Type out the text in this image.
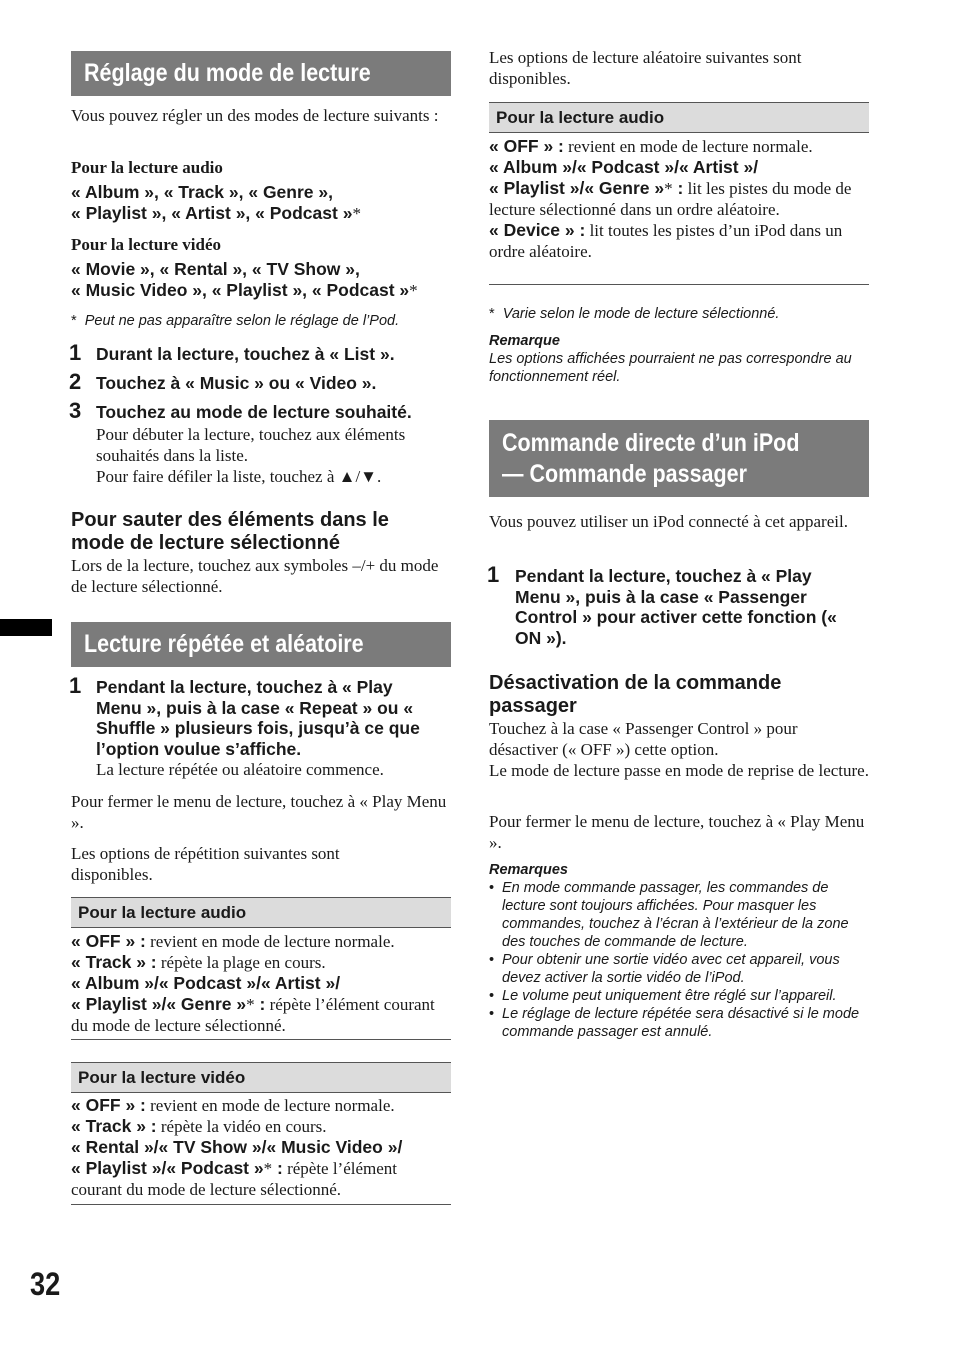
Réglage du mode de lecture
Vous pouvez régler un des modes de lecture suivants :
Pour la lecture audio
« Album », « Track », « Genre »,
« Playlist », « Artist », « Podcast »*
Pour la lecture vidéo
« Movie », « Rental », « TV Show »,
« Music Video », « Playlist », « Podcast »*
* Peut ne pas apparaître selon le réglage de l’Pod.
1 Durant la lecture, touchez à « List ».
2 Touchez à « Music » ou « Video ».
3 Touchez au mode de lecture souhaité.
Pour débuter la lecture, touchez aux éléments souhaités dans la liste.
Pour faire défiler la liste, touchez à ▲/▼.
Pour sauter des éléments dans le mode de lecture sélectionné
Lors de la lecture, touchez aux symboles –/+ du mode de lecture sélectionné.
Lecture répétée et aléatoire
1 Pendant la lecture, touchez à « Play Menu », puis à la case « Repeat » ou « Shuffle » plusieurs fois, jusqu’à ce que l’option voulue s’affiche.
La lecture répétée ou aléatoire commence.
Pour fermer le menu de lecture, touchez à « Play Menu ».
Les options de répétition suivantes sont disponibles.
Pour la lecture audio
« OFF » : revient en mode de lecture normale.
« Track » : répète la plage en cours.
« Album »/« Podcast »/« Artist »/
« Playlist »/« Genre »* : répète l’élément courant du mode de lecture sélectionné.
Pour la lecture vidéo
« OFF » : revient en mode de lecture normale.
« Track » : répète la vidéo en cours.
« Rental »/« TV Show »/« Music Video »/
« Playlist »/« Podcast »* : répète l’élément courant du mode de lecture sélectionné.
32
Les options de lecture aléatoire suivantes sont disponibles.
Pour la lecture audio
« OFF » : revient en mode de lecture normale.
« Album »/« Podcast »/« Artist »/
« Playlist »/« Genre »* : lit les pistes du mode de lecture sélectionné dans un ordre aléatoire.
« Device » : lit toutes les pistes d’un iPod dans un ordre aléatoire.
* Varie selon le mode de lecture sélectionné.
Remarque
Les options affichées pourraient ne pas correspondre au fonctionnement réel.
Commande directe d’un iPod
— Commande passager
Vous pouvez utiliser un iPod connecté à cet appareil.
1 Pendant la lecture, touchez à « Play Menu », puis à la case « Passenger Control » pour activer cette fonction (« ON »).
Désactivation de la commande passager
Touchez à la case « Passenger Control » pour désactiver (« OFF ») cette option.
Le mode de lecture passe en mode de reprise de lecture.
Pour fermer le menu de lecture, touchez à « Play Menu ».
Remarques
• En mode commande passager, les commandes de lecture sont toujours affichées. Pour masquer les commandes, touchez à l’écran à l’extérieur de la zone des touches de commande de lecture.
• Pour obtenir une sortie vidéo avec cet appareil, vous devez activer la sortie vidéo de l’iPod.
• Le volume peut uniquement être réglé sur l’appareil.
• Le réglage de lecture répétée sera désactivé si le mode commande passager est annulé.
